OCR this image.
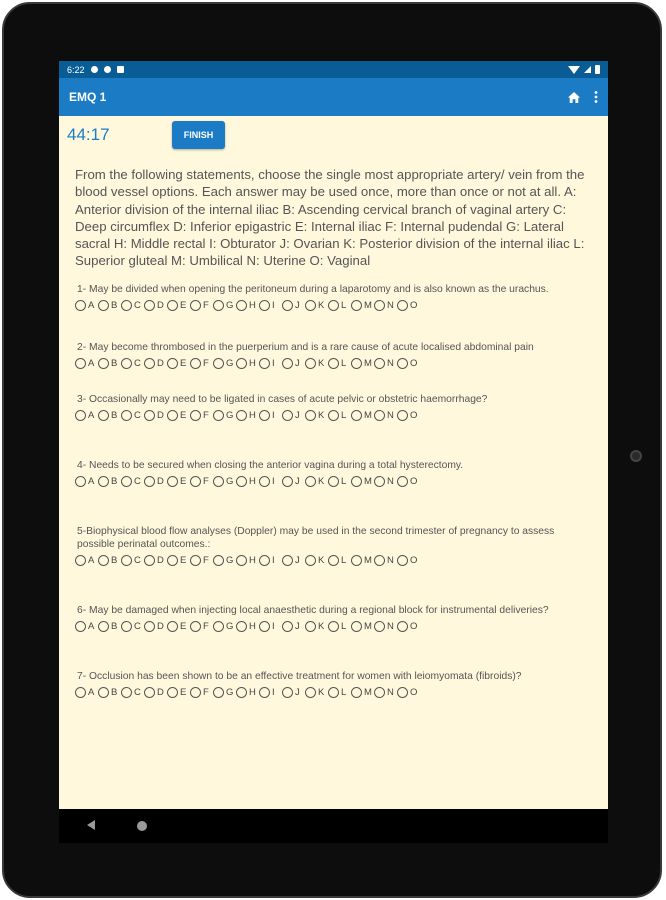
6:22
EMQ 1
44:17	FINISH
From the following statements, choose the single most appropriate artery/ vein from the blood vessel options. Each answer may be used once, more than once or not at all. A: Anterior division of the internal iliac B: Ascending cervical branch of vaginal artery C: Deep circumflex D: Inferior epigastric E: Internal iliac F: Internal pudendal G: Lateral sacral H: Middle rectal I: Obturator J: Ovarian K: Posterior division of the internal iliac L: Superior gluteal M: Umbilical N: Uterine O: Vaginal
1- May be divided when opening the peritoneum during a laparotomy and is also known as the urachus.
A B C D E F G H I	J	K L M N O
2- May become thrombosed in the puerperium and is a rare cause of acute localised abdominal pain
A B C D E F G H I	J	K L M N O
3- Occasionally may need to be ligated in cases of acute pelvic or obstetric haemorrhage?
A B C D E F G H I	J	K L M N O
4- Needs to be secured when closing the anterior vagina during a total hysterectomy.
A B C D E F G H I	J	K L M N O
5-Biophysical blood flow analyses (Doppler) may be used in the second trimester of pregnancy to assess possible perinatal outcomes.:
A B C D E F G H I	J	K L M N O
6- May be damaged when injecting local anaesthetic during a regional block for instrumental deliveries?
A B C D E F G H I	J	K L M N O
7- Occlusion has been shown to be an effective treatment for women with leiomyomata (fibroids)?
A B C D E F G H I	J	K L M N O
